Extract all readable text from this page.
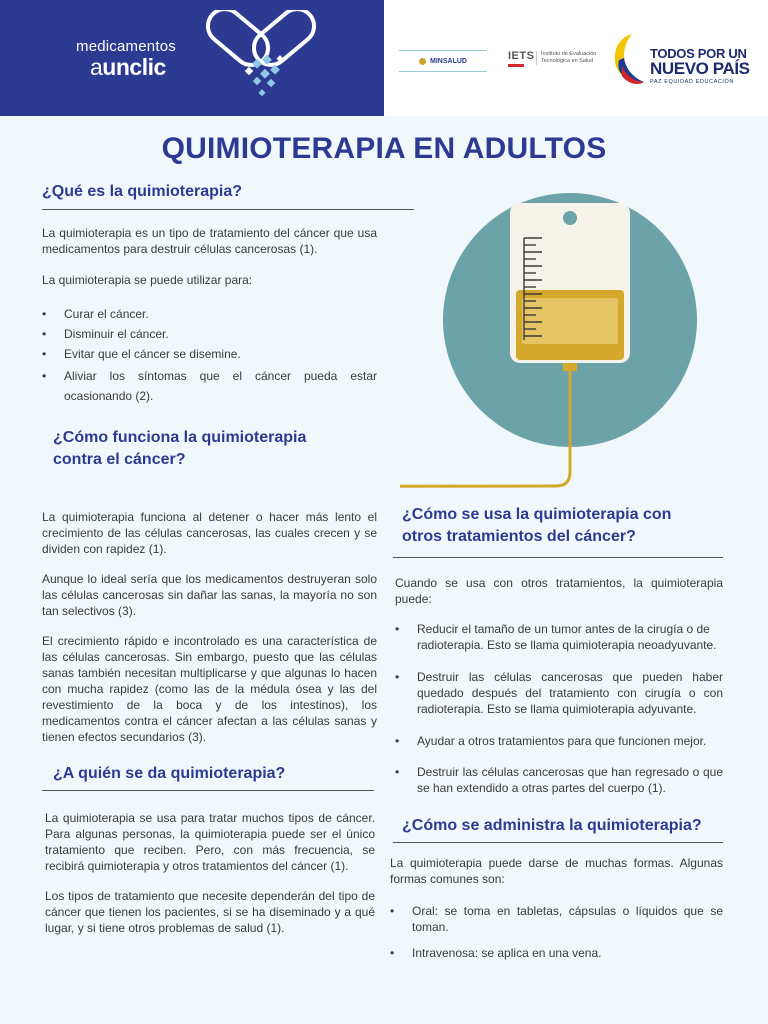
medicamentos
aunclic	MINSALUD	IETS	Instituto de Evaluación Tecnológica en Salud	TODOS POR UN
NUEVO PAÍS
PAZ EQUIDAD EDUCACIÓN
QUIMIOTERAPIA EN ADULTOS
¿Qué es la quimioterapia?
La quimioterapia es un tipo de tratamiento del cáncer que usa medicamentos para destruir células cancerosas (1).
La quimioterapia se puede utilizar para:
• Curar el cáncer.
• Disminuir el cáncer.
• Evitar que el cáncer se disemine.
• Aliviar los síntomas que el cáncer pueda estar ocasionando (2).
¿Cómo funciona la quimioterapia contra el cáncer?
La quimioterapia funciona al detener o hacer más lento el crecimiento de las células cancerosas, las cuales crecen y se dividen con rapidez (1).
Aunque lo ideal sería que los medicamentos destruyeran solo las células cancerosas sin dañar las sanas, la mayoría no son tan selectivos (3).
El crecimiento rápido e incontrolado es una característica de las células cancerosas. Sin embargo, puesto que las células sanas también necesitan multiplicarse y que algunas lo hacen con mucha rapidez (como las de la médula ósea y las del revestimiento de la boca y de los intestinos), los medicamentos contra el cáncer afectan a las células sanas y tienen efectos secundarios (3).
¿A quién se da quimioterapia?
La quimioterapia se usa para tratar muchos tipos de cáncer. Para algunas personas, la quimioterapia puede ser el único tratamiento que reciben. Pero, con más frecuencia, se recibirá quimioterapia y otros tratamientos del cáncer (1).
Los tipos de tratamiento que necesite dependerán del tipo de cáncer que tienen los pacientes, si se ha diseminado y a qué lugar, y si tiene otros problemas de salud (1).
¿Cómo se usa la quimioterapia con otros tratamientos del cáncer?
Cuando se usa con otros tratamientos, la quimioterapia puede:
• Reducir el tamaño de un tumor antes de la cirugía o de radioterapia. Esto se llama quimioterapia neoadyuvante.
• Destruir las células cancerosas que pueden haber quedado después del tratamiento con cirugía o con radioterapia. Esto se llama quimioterapia adyuvante.
• Ayudar a otros tratamientos para que funcionen mejor.
• Destruir las células cancerosas que han regresado o que se han extendido a otras partes del cuerpo (1).
¿Cómo se administra la quimioterapia?
La quimioterapia puede darse de muchas formas. Algunas formas comunes son:
• Oral: se toma en tabletas, cápsulas o líquidos que se toman.
• Intravenosa: se aplica en una vena.
